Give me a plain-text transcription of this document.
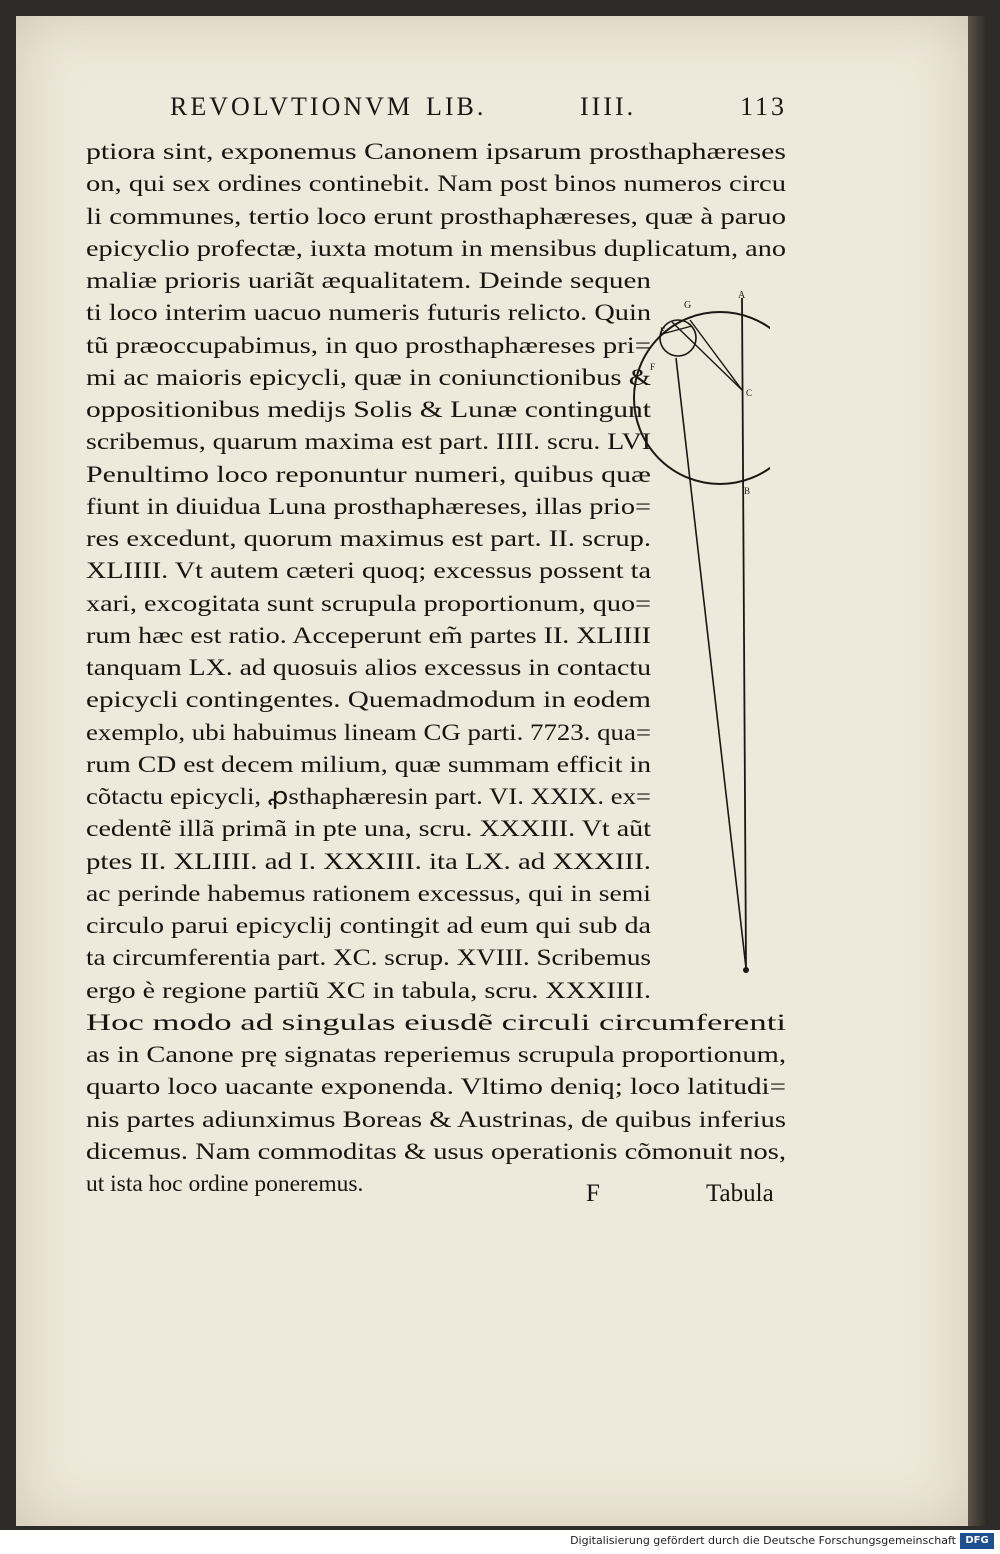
REVOLVTIONVM LIB.	IIII.	113
ptiora sint, exponemus Canonem ipsarum prosthaphæreses
on, qui sex ordines continebit. Nam post binos numeros circu
li communes, tertio loco erunt prosthaphæreses, quæ à paruo
epicyclio profectæ, iuxta motum in mensibus duplicatum, ano
maliæ prioris uariãt æqualitatem. Deinde sequen
ti loco interim uacuo numeris futuris relicto. Quin
tũ præoccupabimus, in quo prosthaphæreses pri=
mi ac maioris epicycli, quæ in coniunctionibus &
oppositionibus medijs Solis & Lunæ contingunt
scribemus, quarum maxima est part. IIII. scru. LVI
Penultimo loco reponuntur numeri, quibus quæ
fiunt in diuidua Luna prosthaphæreses, illas prio=
res excedunt, quorum maximus est part. II. scrup.
XLIIII. Vt autem cæteri quoq; excessus possent ta
xari, excogitata sunt scrupula proportionum, quo=
rum hæc est ratio. Acceperunt em̃ partes II. XLIIII
tanquam LX. ad quosuis alios excessus in contactu
epicycli contingentes. Quemadmodum in eodem
exemplo, ubi habuimus lineam CG parti. 7723. qua=
rum CD est decem milium, quæ summam efficit in
cõtactu epicycli, ꝓsthaphæresin part. VI. XXIX. ex=
cedentẽ illã primã in pte una, scru. XXXIII. Vt aũt
ptes II. XLIIII. ad I. XXXIII. ita LX. ad XXXIII.
ac perinde habemus rationem excessus, qui in semi
circulo parui epicyclij contingit ad eum qui sub da
ta circumferentia part. XC. scrup. XVIII. Scribemus
ergo è regione partiũ XC in tabula, scru. XXXIIII.
Hoc modo ad singulas eiusdẽ circuli circumferenti
as in Canone prę signatas reperiemus scrupula proportionum,
quarto loco uacante exponenda. Vltimo deniq; loco latitudi=
nis partes adiunximus Boreas & Austrinas, de quibus inferius
dicemus. Nam commoditas & usus operationis cõmonuit nos,
ut ista hoc ordine poneremus.
G
A
E
F
C
B
F	Tabula
Digitalisierung gefördert durch die Deutsche Forschungsgemeinschaft DFG
